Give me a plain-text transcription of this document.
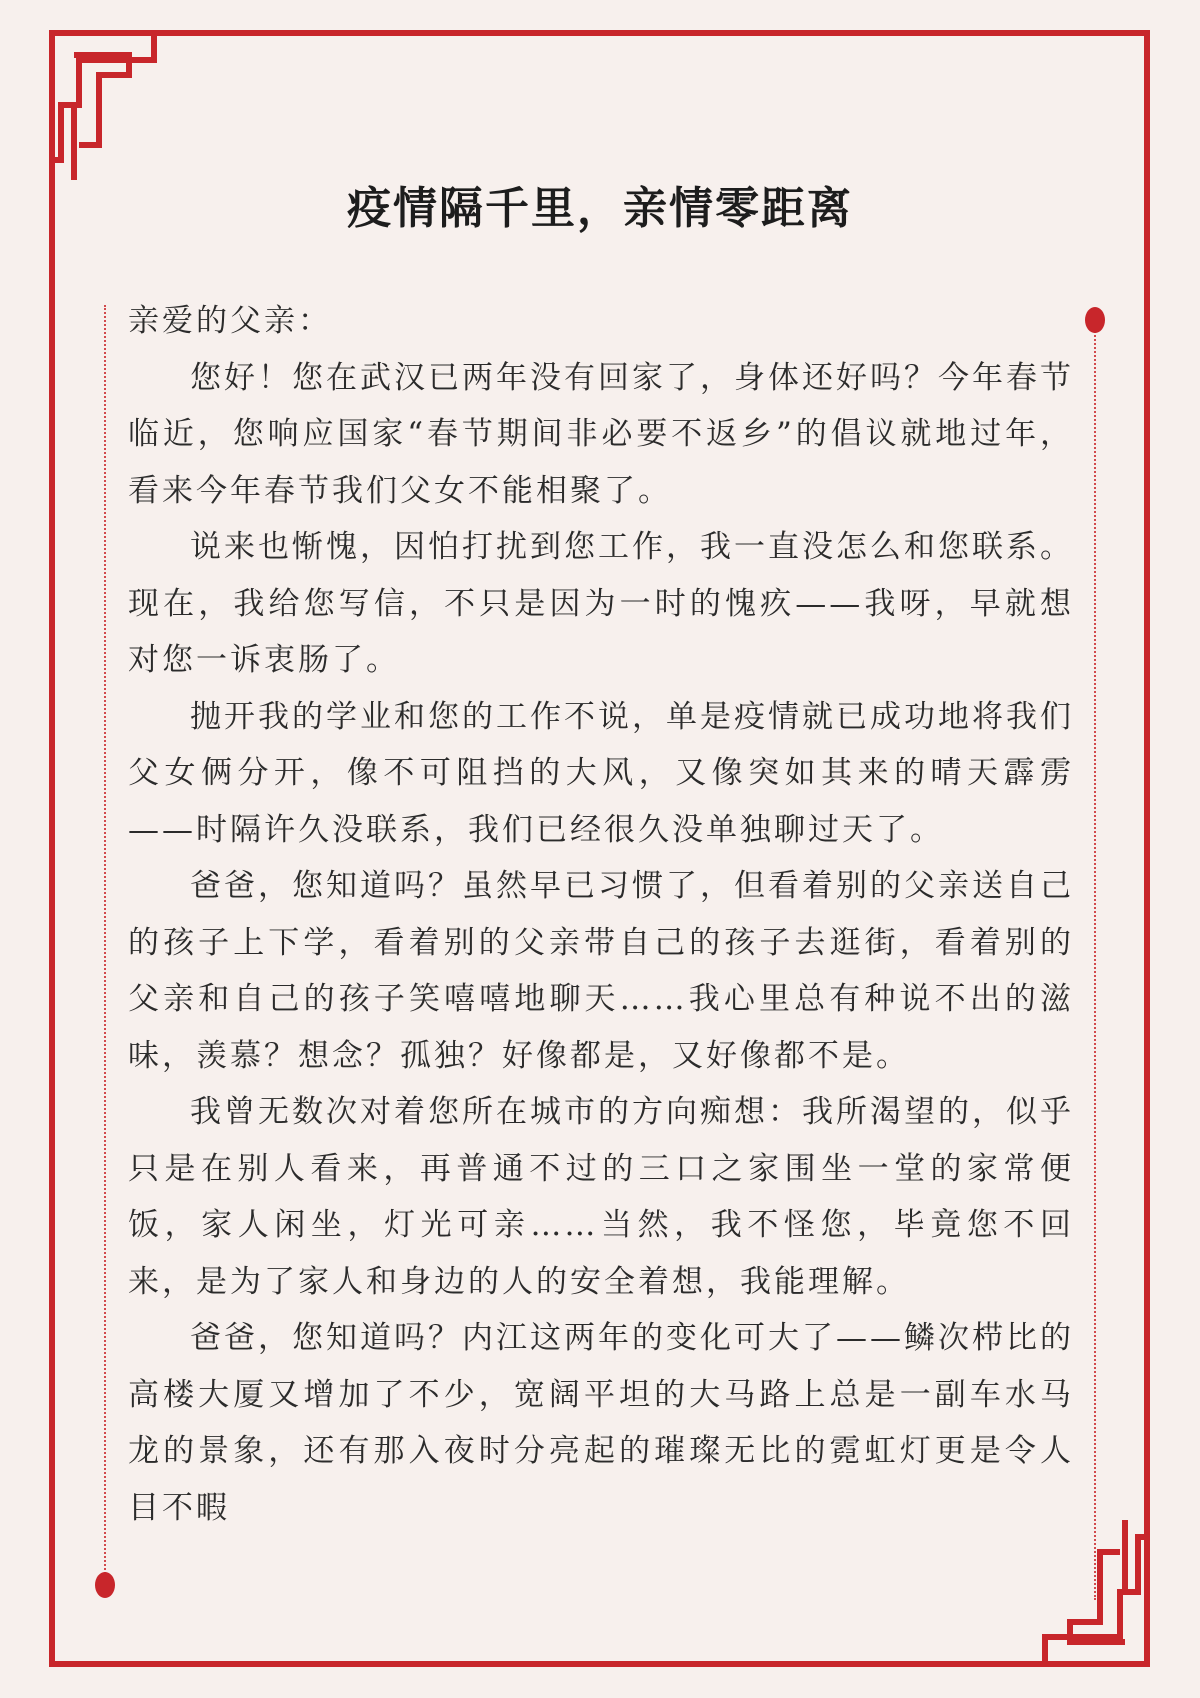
疫情隔千里，亲情零距离

亲爱的父亲：

您好！您在武汉已两年没有回家了，身体还好吗？今年春节临近，您响应国家“春节期间非必要不返乡”的倡议就地过年，看来今年春节我们父女不能相聚了。

说来也惭愧，因怕打扰到您工作，我一直没怎么和您联系。现在，我给您写信，不只是因为一时的愧疚——我呀，早就想对您一诉衷肠了。

抛开我的学业和您的工作不说，单是疫情就已成功地将我们父女俩分开，像不可阻挡的大风，又像突如其来的晴天霹雳——时隔许久没联系，我们已经很久没单独聊过天了。

爸爸，您知道吗？虽然早已习惯了，但看着别的父亲送自己的孩子上下学，看着别的父亲带自己的孩子去逛街，看着别的父亲和自己的孩子笑嘻嘻地聊天……我心里总有种说不出的滋味，羡慕？想念？孤独？好像都是，又好像都不是。

我曾无数次对着您所在城市的方向痴想：我所渴望的，似乎只是在别人看来，再普通不过的三口之家围坐一堂的家常便饭，家人闲坐，灯光可亲……当然，我不怪您，毕竟您不回来，是为了家人和身边的人的安全着想，我能理解。

爸爸，您知道吗？内江这两年的变化可大了——鳞次栉比的高楼大厦又增加了不少，宽阔平坦的大马路上总是一副车水马龙的景象，还有那入夜时分亮起的璀璨无比的霓虹灯更是令人目不暇
